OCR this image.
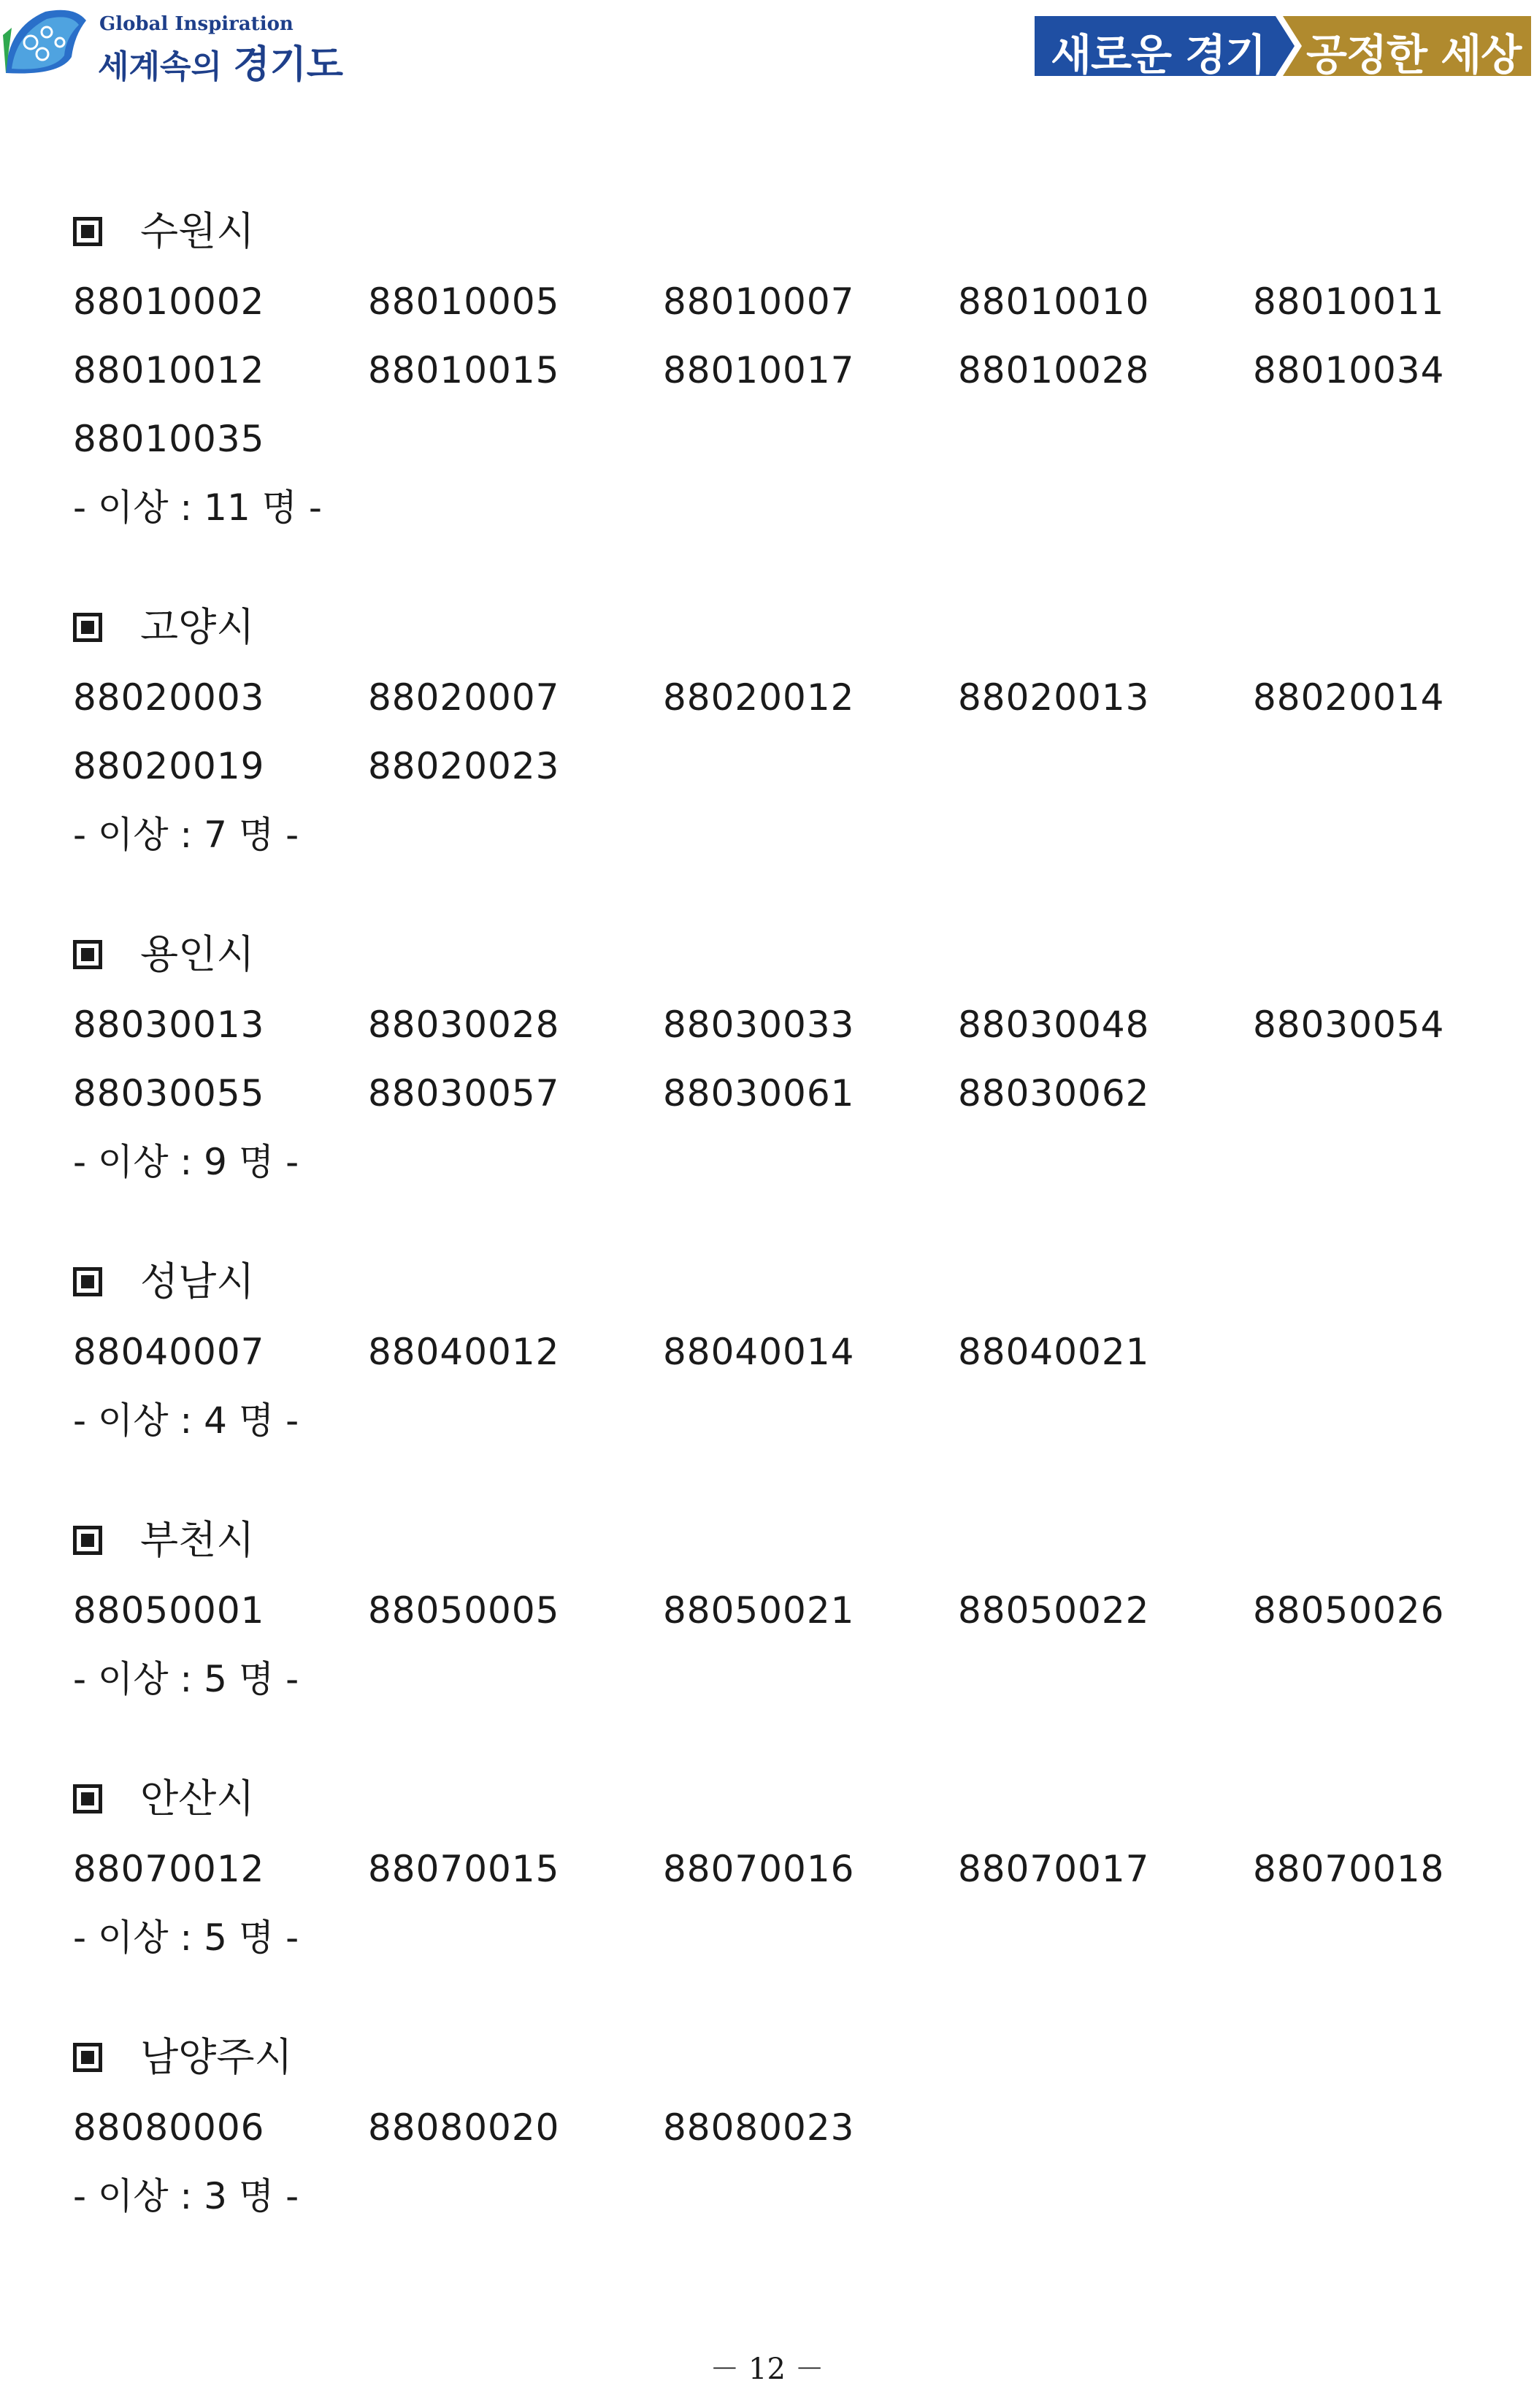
Global Inspiration
세계속의 경기도	새로운 경기 공정한 세상
수원시
88010002	88010005	88010007	88010010	88010011
88010012	88010015	88010017	88010028	88010034
88010035
- 이상 : 11 명 -
고양시
88020003	88020007	88020012	88020013	88020014
88020019	88020023
- 이상 : 7 명 -
용인시
88030013	88030028	88030033	88030048	88030054
88030055	88030057	88030061	88030062
- 이상 : 9 명 -
성남시
88040007	88040012	88040014	88040021
- 이상 : 4 명 -
부천시
88050001	88050005	88050021	88050022	88050026
- 이상 : 5 명 -
안산시
88070012	88070015	88070016	88070017	88070018
- 이상 : 5 명 -
남양주시
88080006	88080020	88080023
- 이상 : 3 명 -
－ 12 －
